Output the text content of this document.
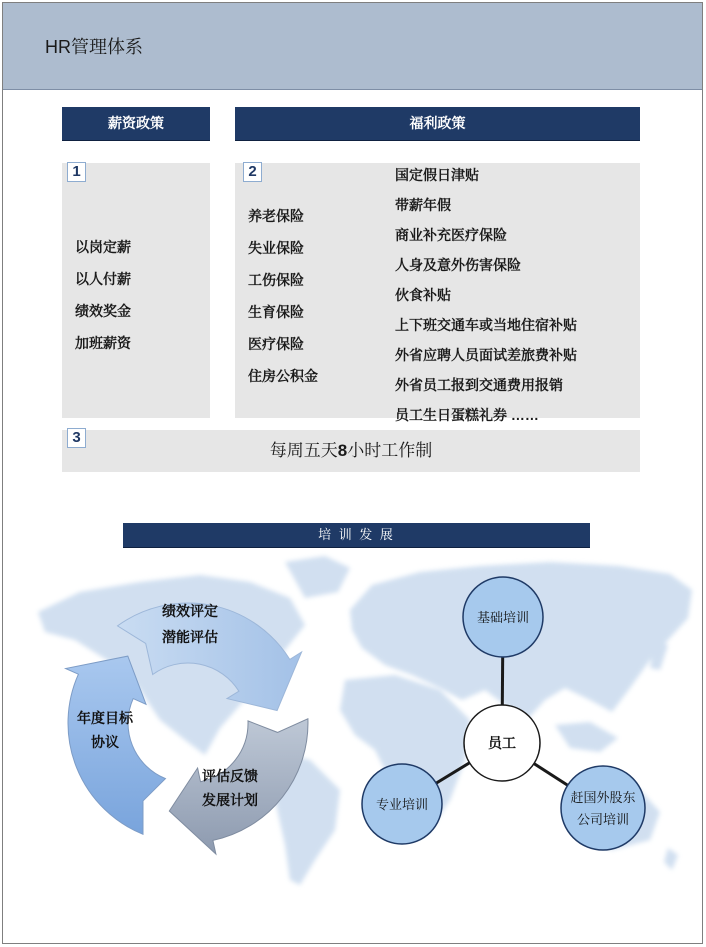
HR管理体系
薪资政策	福利政策
1	2
3
以岗定薪
以人付薪
绩效奖金
加班薪资
养老保险
失业保险
工伤保险
生育保险
医疗保险
住房公积金
国定假日津贴
带薪年假
商业补充医疗保险
人身及意外伤害保险
伙食补贴
上下班交通车或当地住宿补贴
外省应聘人员面试差旅费补贴
外省员工报到交通费用报销
员工生日蛋糕礼券 ……
每周五天8小时工作制
培 训 发 展
绩效评定
潜能评估
年度目标
协议
评估反馈
发展计划
基础培训
员工
专业培训	赶国外股东
公司培训
